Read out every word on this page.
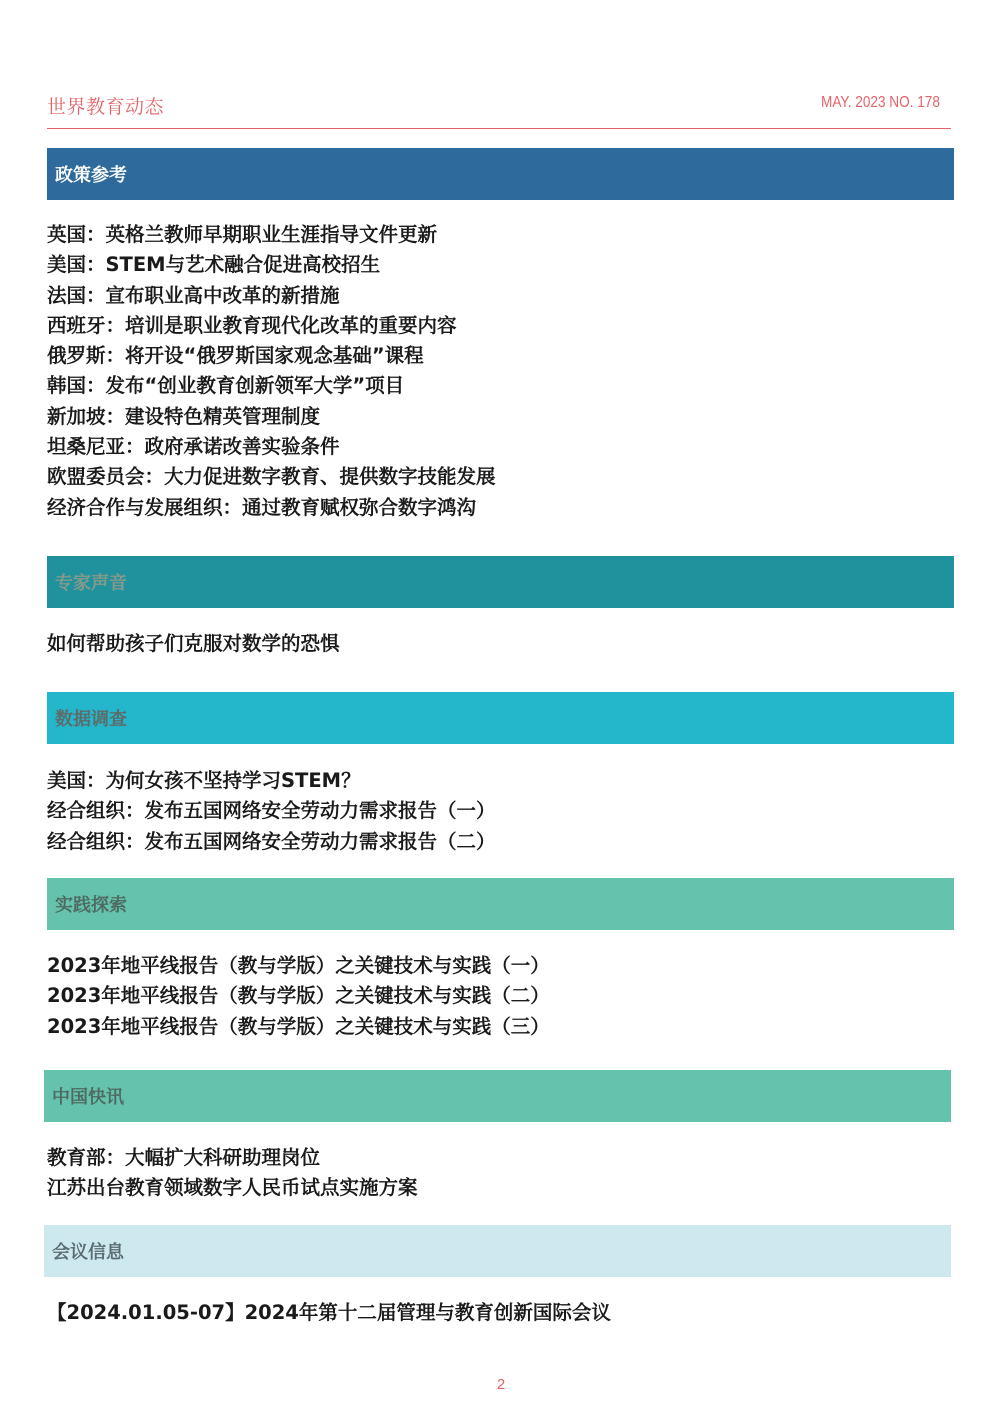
世界教育动态	MAY. 2023 NO. 178
政策参考
英国：英格兰教师早期职业生涯指导文件更新
美国：STEM与艺术融合促进高校招生
法国：宣布职业高中改革的新措施
西班牙：培训是职业教育现代化改革的重要内容
俄罗斯：将开设“俄罗斯国家观念基础”课程
韩国：发布“创业教育创新领军大学”项目
新加坡：建设特色精英管理制度
坦桑尼亚：政府承诺改善实验条件
欧盟委员会：大力促进数字教育、提供数字技能发展
经济合作与发展组织：通过教育赋权弥合数字鸿沟
专家声音
如何帮助孩子们克服对数学的恐惧
数据调查
美国：为何女孩不坚持学习STEM？
经合组织：发布五国网络安全劳动力需求报告（一）
经合组织：发布五国网络安全劳动力需求报告（二）
实践探索
2023年地平线报告（教与学版）之关键技术与实践（一）
2023年地平线报告（教与学版）之关键技术与实践（二）
2023年地平线报告（教与学版）之关键技术与实践（三）
中国快讯
教育部：大幅扩大科研助理岗位
江苏出台教育领域数字人民币试点实施方案
会议信息
【2024.01.05-07】2024年第十二届管理与教育创新国际会议
2
